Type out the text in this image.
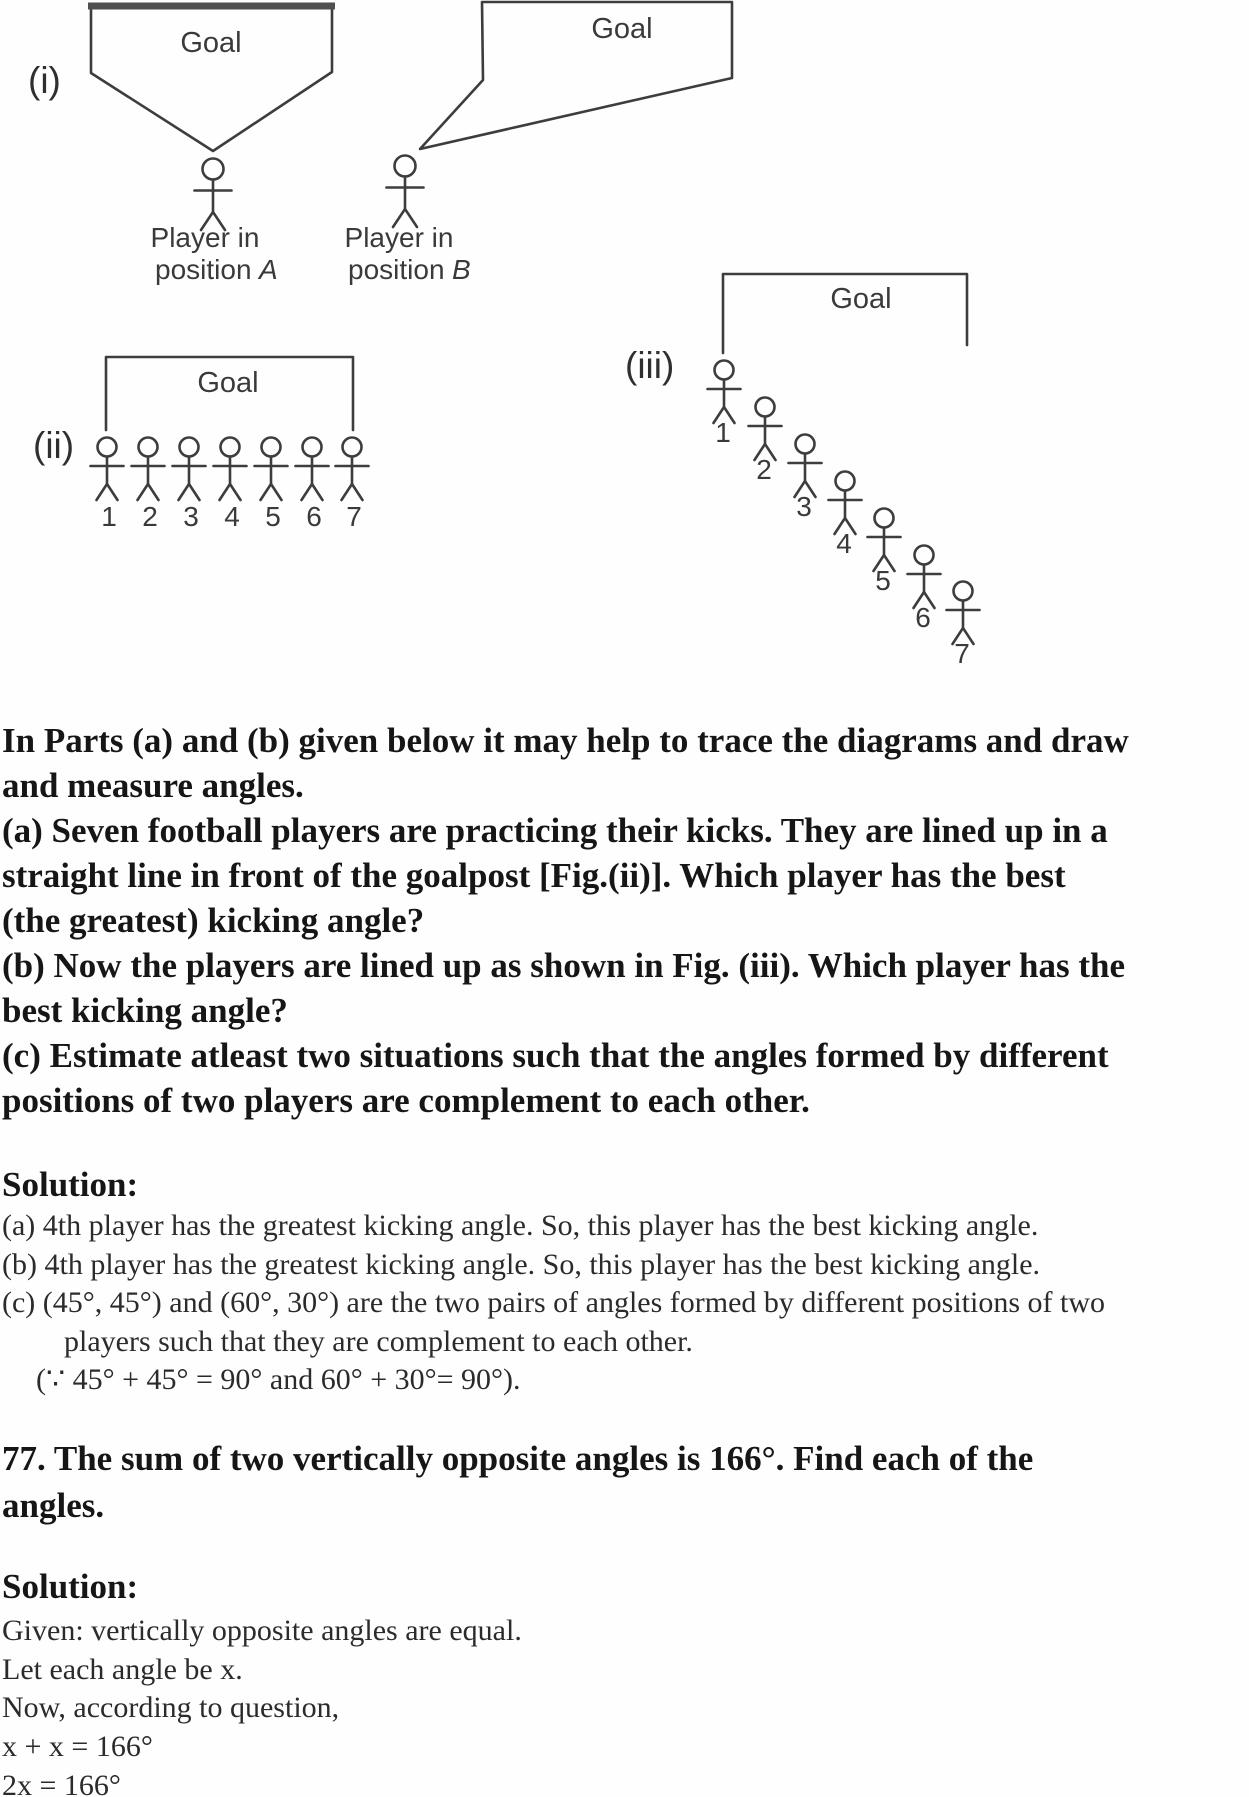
(i)
Goal	Goal
Player in
position A
Player in
position B
(ii)
Goal
1 2 3 4 5 6 7
(iii)
Goal
1
2
3
4
5
6
7
In Parts (a) and (b) given below it may help to trace the diagrams and draw
and measure angles.
(a) Seven football players are practicing their kicks. They are lined up in a
straight line in front of the goalpost [Fig.(ii)]. Which player has the best
(the greatest) kicking angle?
(b) Now the players are lined up as shown in Fig. (iii). Which player has the
best kicking angle?
(c) Estimate atleast two situations such that the angles formed by different
positions of two players are complement to each other.
Solution:
(a) 4th player has the greatest kicking angle. So, this player has the best kicking angle.
(b) 4th player has the greatest kicking angle. So, this player has the best kicking angle.
(c) (45°, 45°) and (60°, 30°) are the two pairs of angles formed by different positions of two
players such that they are complement to each other.
(∵ 45° + 45° = 90° and 60° + 30°= 90°).
77. The sum of two vertically opposite angles is 166°. Find each of the
angles.
Solution:
Given: vertically opposite angles are equal.
Let each angle be x.
Now, according to question,
x + x = 166°
2x = 166°
